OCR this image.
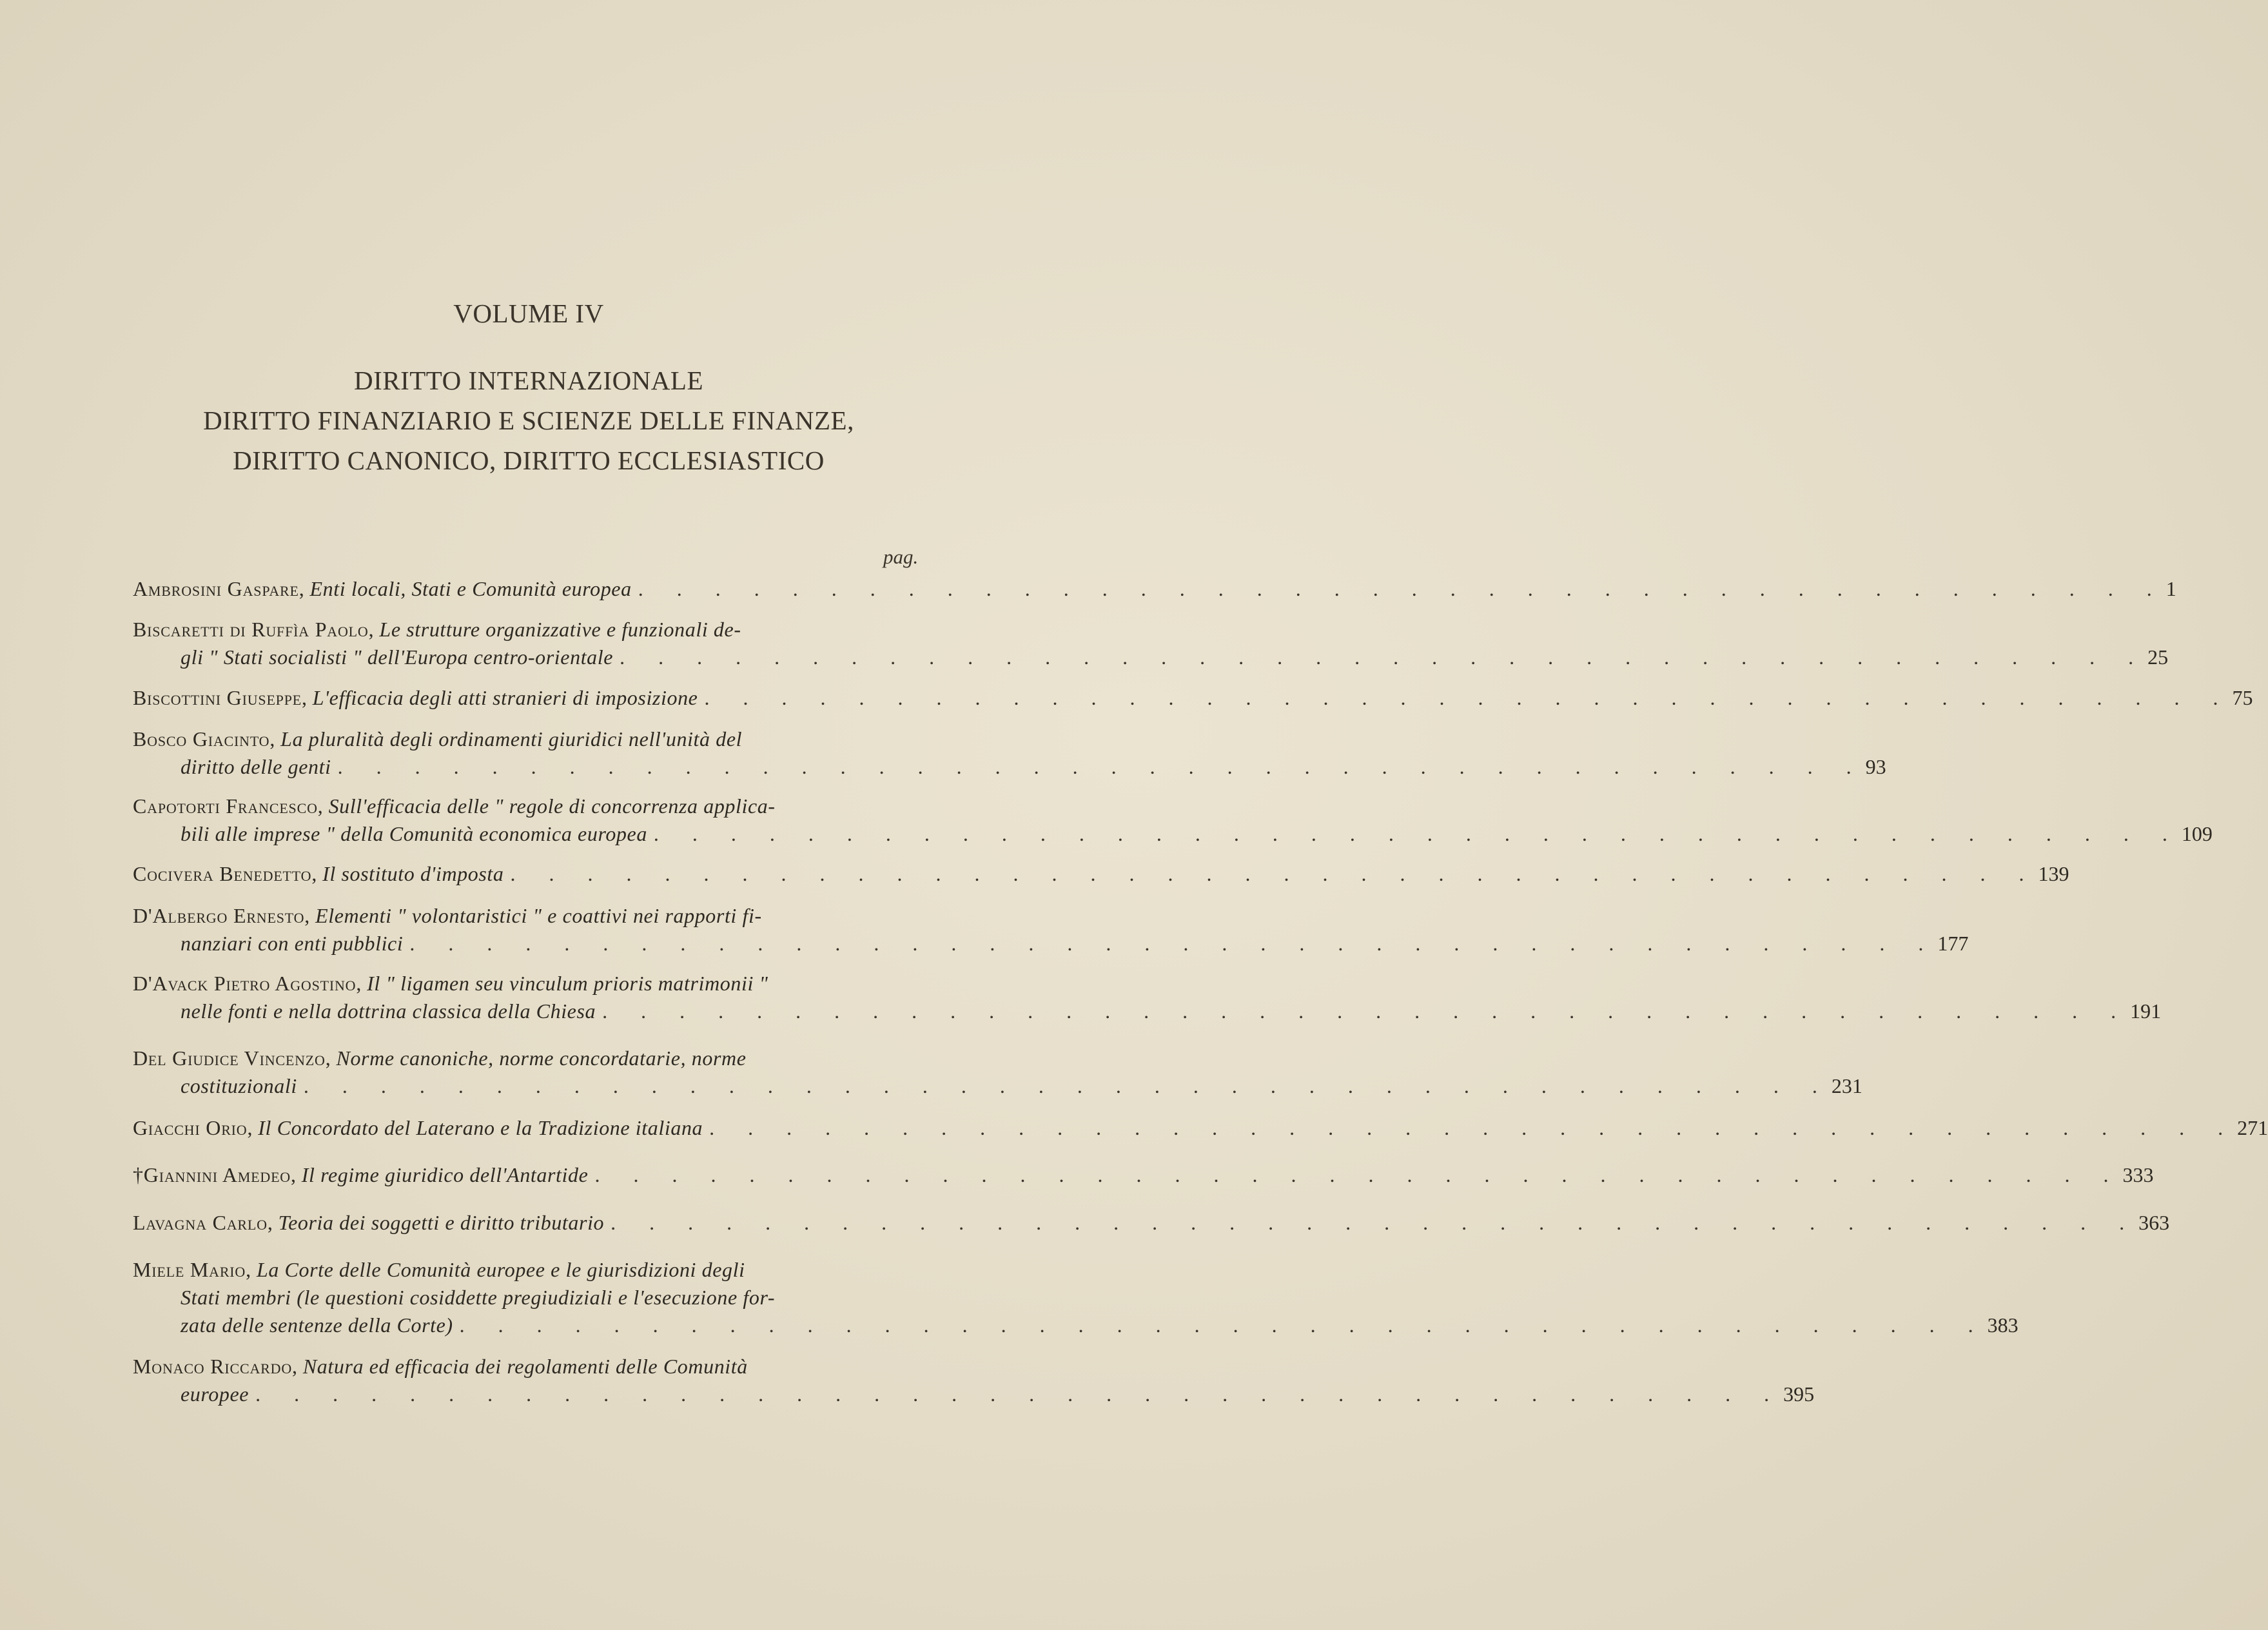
VOLUME IV
DIRITTO INTERNAZIONALE
DIRITTO FINANZIARIO E SCIENZE DELLE FINANZE,
DIRITTO CANONICO, DIRITTO ECCLESIASTICO
pag.
Ambrosini Gaspare,
Enti locali, Stati e Comunità europea . . . . . . . . . . . . . . . . . . . . . . . . . . . . . . . . . . . . . . . . 1
Biscaretti di Ruffìa Paolo,
Le strutture organizzative e funzionali de-
gli " Stati socialisti " dell'Europa centro-orientale . . . . . . . . . . . . . . . . . . . . . . . . . . . . . . . . . . . . . . . . 25
Biscottini Giuseppe,
L'efficacia degli atti stranieri di imposizione . . . . . . . . . . . . . . . . . . . . . . . . . . . . . . . . . . . . . . . . 75
Bosco Giacinto,
La pluralità degli ordinamenti giuridici nell'unità del
diritto delle genti . . . . . . . . . . . . . . . . . . . . . . . . . . . . . . . . . . . . . . . . 93
Capotorti Francesco,
Sull'efficacia delle " regole di concorrenza applica-
bili alle imprese " della Comunità economica europea . . . . . . . . . . . . . . . . . . . . . . . . . . . . . . . . . . . . . . . . 109
Cocivera Benedetto,
Il sostituto d'imposta . . . . . . . . . . . . . . . . . . . . . . . . . . . . . . . . . . . . . . . . 139
D'Albergo Ernesto,
Elementi " volontaristici " e coattivi nei rapporti fi-
nanziari con enti pubblici . . . . . . . . . . . . . . . . . . . . . . . . . . . . . . . . . . . . . . . . 177
D'Avack Pietro Agostino,
Il " ligamen seu vinculum prioris matrimonii "
nelle fonti e nella dottrina classica della Chiesa . . . . . . . . . . . . . . . . . . . . . . . . . . . . . . . . . . . . . . . . 191
Del Giudice Vincenzo,
Norme canoniche, norme concordatarie, norme
costituzionali . . . . . . . . . . . . . . . . . . . . . . . . . . . . . . . . . . . . . . . . 231
Giacchi Orio,
Il Concordato del Laterano e la Tradizione italiana . . . . . . . . . . . . . . . . . . . . . . . . . . . . . . . . . . . . . . . . 271
†Giannini Amedeo,
Il regime giuridico dell'Antartide . . . . . . . . . . . . . . . . . . . . . . . . . . . . . . . . . . . . . . . . 333
Lavagna Carlo,
Teoria dei soggetti e diritto tributario . . . . . . . . . . . . . . . . . . . . . . . . . . . . . . . . . . . . . . . . 363
Miele Mario,
La Corte delle Comunità europee e le giurisdizioni degli
Stati membri (le questioni cosiddette pregiudiziali e l'esecuzione for-
zata delle sentenze della Corte) . . . . . . . . . . . . . . . . . . . . . . . . . . . . . . . . . . . . . . . . 383
Monaco Riccardo,
Natura ed efficacia dei regolamenti delle Comunità
europee . . . . . . . . . . . . . . . . . . . . . . . . . . . . . . . . . . . . . . . . 395
